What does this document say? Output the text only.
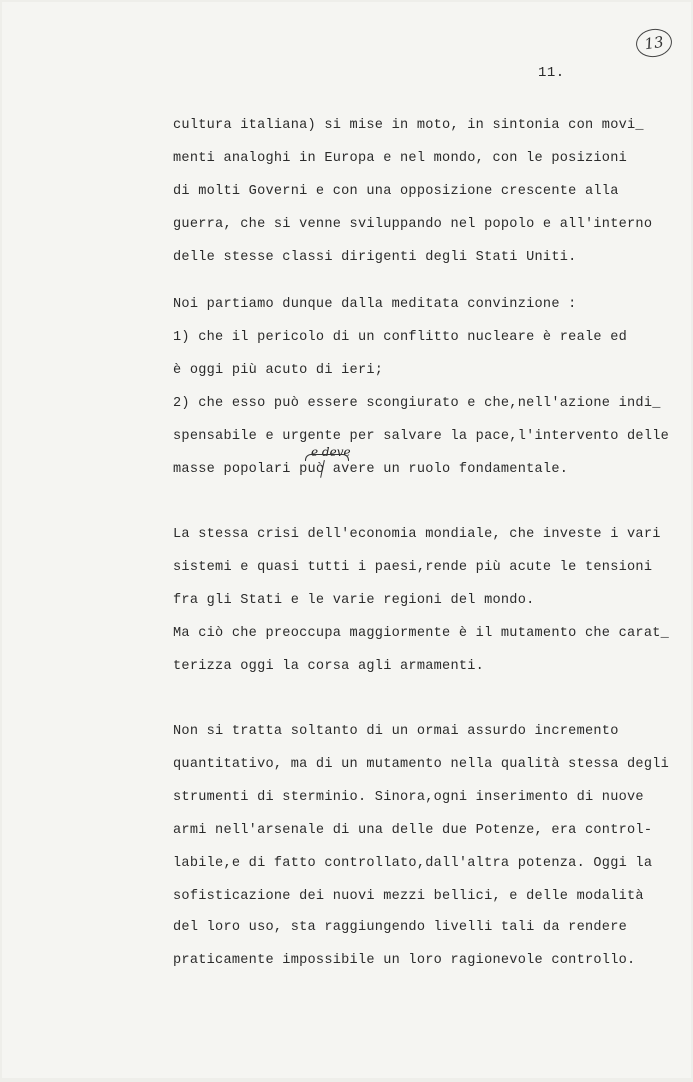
13
11.
cultura italiana) si mise in moto, in sintonia con movi_
menti analoghi in Europa e nel mondo, con le posizioni
di molti Governi e con una opposizione crescente alla
guerra, che si venne sviluppando nel popolo e all'interno
delle stesse classi dirigenti degli Stati Uniti.
Noi partiamo dunque dalla meditata convinzione :
1) che il pericolo di un conflitto nucleare è reale ed
è oggi più acuto di ieri;
2) che esso può essere scongiurato e che,nell'azione indi_
spensabile e urgente per salvare la pace,l'intervento delle
e deve
masse popolari può avere un ruolo fondamentale.
La stessa crisi dell'economia mondiale, che investe i vari
sistemi e quasi tutti i paesi,rende più acute le tensioni
fra gli Stati e le varie regioni del mondo.
Ma ciò che preoccupa maggiormente è il mutamento che carat_
terizza oggi la corsa agli armamenti.
Non si tratta soltanto di un ormai assurdo incremento
quantitativo, ma di un mutamento nella qualità stessa degli
strumenti di sterminio. Sinora,ogni inserimento di nuove
armi nell'arsenale di una delle due Potenze, era control-
labile,e di fatto controllato,dall'altra potenza. Oggi la
sofisticazione dei nuovi mezzi bellici, e delle modalità
del loro uso, sta raggiungendo livelli tali da rendere
praticamente impossibile un loro ragionevole controllo.
